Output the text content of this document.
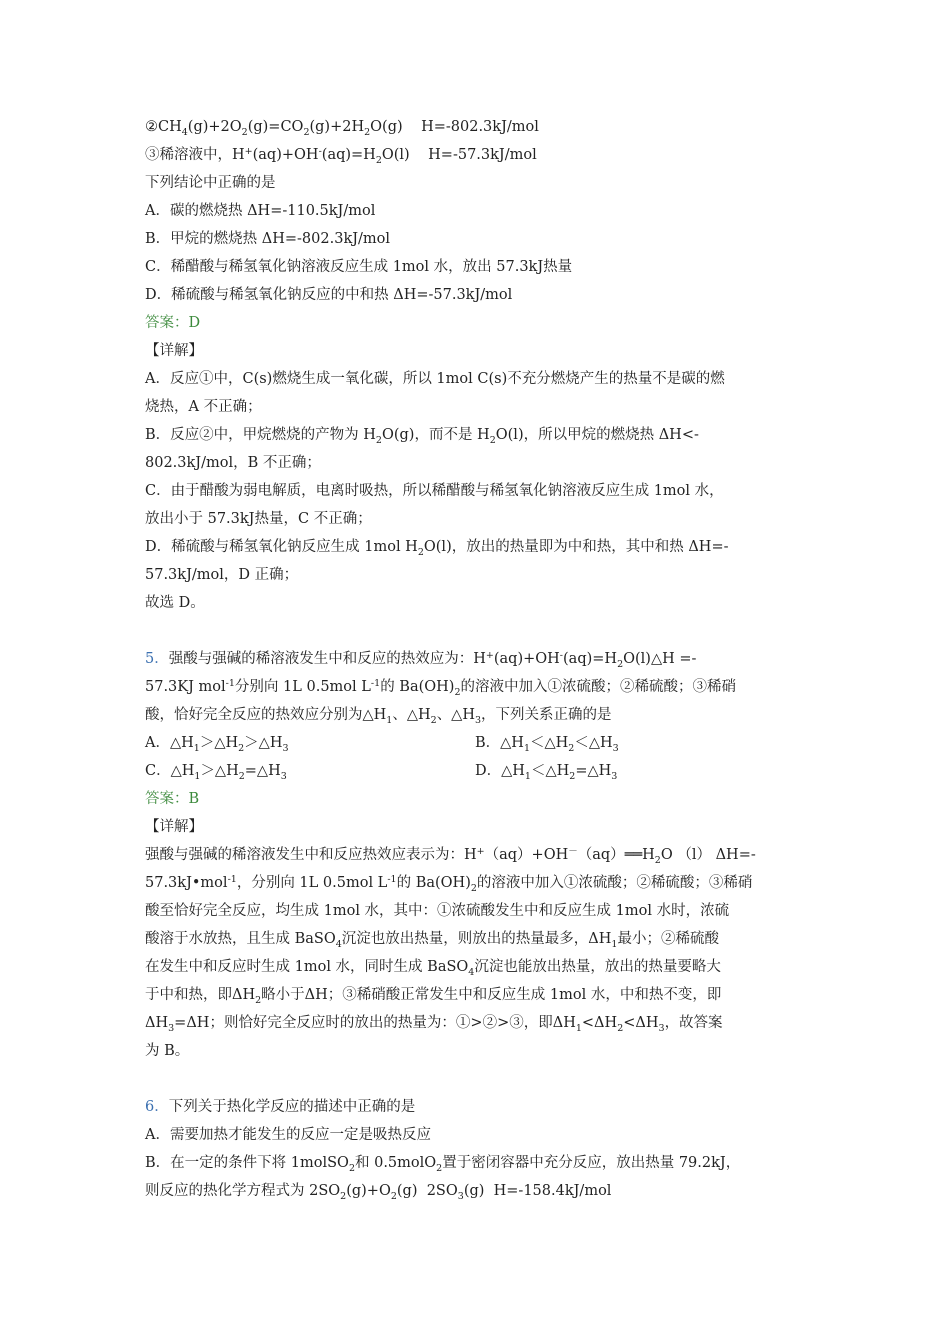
$②CH_4(g)+2O_2(g)=CO_2(g)+2H_2O(g)$    H=-802.3kJ/mol
③稀溶液中，$H^+(aq)+OH^-(aq)=H_2O(l)$    H=-57.3kJ/mol
下列结论中正确的是
A．碳的燃烧热 ΔH=-110.5kJ/mol
B．甲烷的燃烧热 ΔH=-802.3kJ/mol
C．稀醋酸与稀氢氧化钠溶液反应生成 1mol 水，放出 57.3kJ热量
D．稀硫酸与稀氢氧化钠反应的中和热 ΔH=-57.3kJ/mol
答案：D
【详解】
A．反应①中，C(s)燃烧生成一氧化碳，所以 1mol C(s)不充分燃烧产生的热量不是碳的燃
烧热，A 不正确；
B．反应②中，甲烷燃烧的产物为 $H_2O(g)$，而不是 $H_2O(l)$，所以甲烷的燃烧热 ΔH<-
802.3kJ/mol，B 不正确；
C．由于醋酸为弱电解质，电离时吸热，所以稀醋酸与稀氢氧化钠溶液反应生成 1mol 水，
放出小于 57.3kJ热量，C 不正确；
D．稀硫酸与稀氢氧化钠反应生成 1mol $H_2O(l)$，放出的热量即为中和热，其中和热 ΔH=-
57.3kJ/mol，D 正确；
故选 D。
5．强酸与强碱的稀溶液发生中和反应的热效应为：$H^+(aq)+OH^-(aq)=H_2O(l)\triangle H$ =-
57.3KJ mol$^{-1}$分别向 1L 0.5mol $L^{-1}$的 $Ba(OH)_2$的溶液中加入①浓硫酸；②稀硫酸；③稀硝
酸，恰好完全反应的热效应分别为$\triangle H_1$、$\triangle H_2$、$\triangle H_3$，下列关系正确的是
A．$\triangle H_1>\triangle H_2>\triangle H_3$	B．$\triangle H_1<\triangle H_2<\triangle H_3$
C．$\triangle H_1>\triangle H_2=\triangle H_3$	D．$\triangle H_1<\triangle H_2=\triangle H_3$
答案：B
【详解】
强酸与强碱的稀溶液发生中和反应热效应表示为：$H^+(aq)+OH^-(aq)══H_2O$ （l） ΔH=-
57.3kJ•mol$^{-1}$，分别向 1L 0.5mol $L^{-1}$的 $Ba(OH)_2$的溶液中加入①浓硫酸；②稀硫酸；③稀硝
酸至恰好完全反应，均生成 1mol 水，其中：①浓硫酸发生中和反应生成 1mol 水时，浓硫
酸溶于水放热，且生成 BaSO$_4$沉淀也放出热量，则放出的热量最多，$\Delta H_1$最小；②稀硫酸
在发生中和反应时生成 1mol 水，同时生成 BaSO$_4$沉淀也能放出热量，放出的热量要略大
于中和热，即$\Delta H_2$略小于ΔH；③稀硝酸正常发生中和反应生成 1mol 水，中和热不变，即
$\Delta H_3=\Delta H$；则恰好完全反应时的放出的热量为：①>②>③，即$\Delta H_1<\Delta H_2<\Delta H_3$，故答案
为 B。
6．下列关于热化学反应的描述中正确的是
A．需要加热才能发生的反应一定是吸热反应
B．在一定的条件下将 1molSO$_2$和 0.5molO$_2$置于密闭容器中充分反应，放出热量 79.2kJ，
则反应的热化学方程式为 $2SO_2(g)+O_2(g)$  $2SO_3(g)$  H=-158.4kJ/mol
